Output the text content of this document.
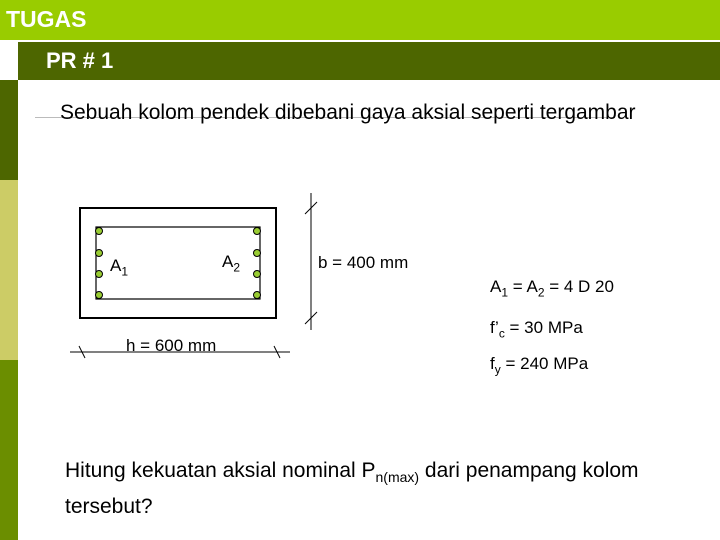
TUGAS
PR # 1
Sebuah kolom pendek dibebani gaya aksial seperti tergambar
$A_1$
$A_2$
h = 600 mm
b = 400 mm
$A_1 = A_2 = 4$ D 20
$f’_c = 30$ MPa
$f_y = 240$ MPa
Hitung kekuatan aksial nominal $P_{n(max)}$ dari penampang kolom tersebut?
